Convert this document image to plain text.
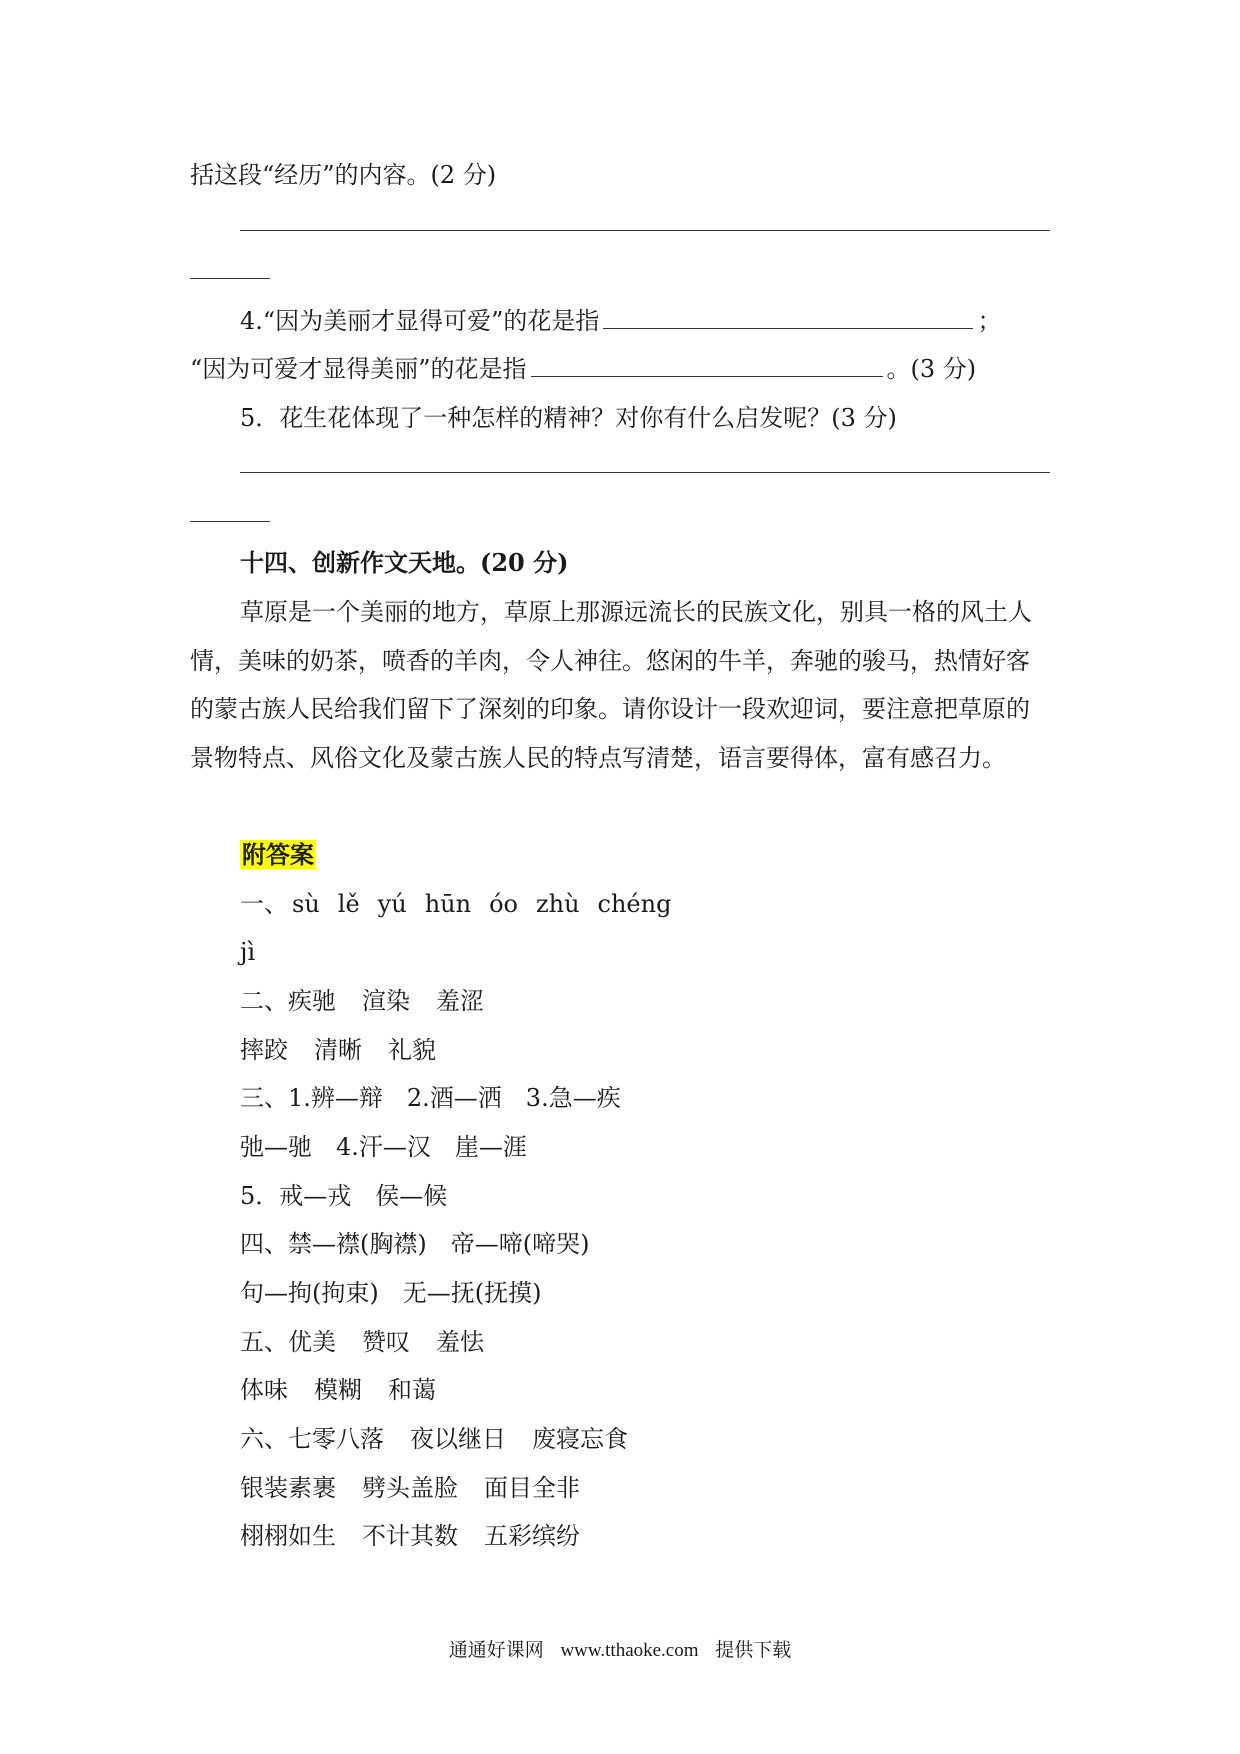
括这段“经历”的内容。(2 分)
4.“因为美丽才显得可爱”的花是指	；
“因为可爱才显得美丽”的花是指	。(3 分)
5．花生花体现了一种怎样的精神？对你有什么启发呢？(3 分)
十四、创新作文天地。(20 分)
草原是一个美丽的地方，草原上那源远流长的民族文化，别具一格的风土人
情，美味的奶茶，喷香的羊肉，令人神往。悠闲的牛羊，奔驰的骏马，热情好客
的蒙古族人民给我们留下了深刻的印象。请你设计一段欢迎词，要注意把草原的
景物特点、风俗文化及蒙古族人民的特点写清楚，语言要得体，富有感召力。
附答案
一、 sù lě yú hūn óo zhù chéng
jì
二、疾驰 渲染 羞涩
摔跤 清晰 礼貌
三、1.辨—辩　2.酒—洒　3.急—疾
弛—驰　4.汗—汉　崖—涯
5．戒—戎　侯—候
四、禁—襟(胸襟)　帝—啼(啼哭)
句—拘(拘束)　无—抚(抚摸)
五、优美 赞叹 羞怯
体味 模糊 和蔼
六、七零八落 夜以继日 废寝忘食
银装素裹 劈头盖脸 面目全非
栩栩如生 不计其数 五彩缤纷
通通好课网 www.tthaoke.com 提供下载
